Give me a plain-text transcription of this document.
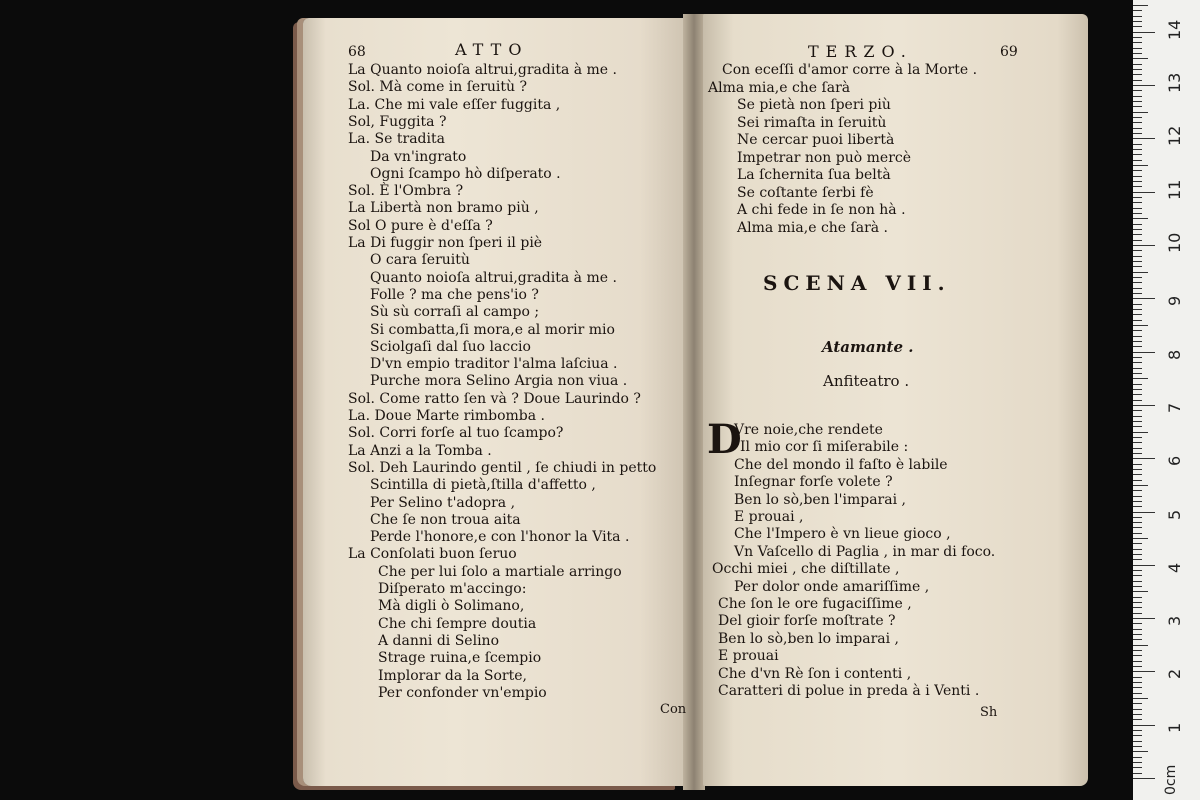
68	ATTO
La Quanto noioſa altrui,gradita à me .
Sol. Mà come in ſeruitù ?
La. Che mi vale eſſer fuggita ,
Sol, Fuggita ?
La. Se tradita
Da vn'ingrato
Ogni ſcampo hò diſperato .
Sol. È l'Ombra ?
La Libertà non bramo più ,
Sol O pure è d'eſſa ?
La Di fuggir non ſperi il piè
O cara ſeruitù
Quanto noioſa altrui,gradita à me .
Folle ? ma che pens'io ?
Sù sù corraſi al campo ;
Si combatta,ſi mora,e al morir mio
Sciolgaſi dal ſuo laccio
D'vn empio traditor l'alma laſciua .
Purche mora Selino Argia non viua .
Sol. Come ratto ſen và ? Doue Laurindo ?
La. Doue Marte rimbomba .
Sol. Corri forſe al tuo ſcampo?
La Anzi a la Tomba .
Sol. Deh Laurindo gentil , ſe chiudi in petto
Scintilla di pietà,ſtilla d'affetto ,
Per Selino t'adopra ,
Che ſe non troua aita
Perde l'honore,e con l'honor la Vita .
La Conſolati buon ſeruo
Che per lui ſolo a martiale arringo
Diſperato m'accingo:
Mà digli ò Solimano,
Che chi ſempre doutia
A danni di Selino
Strage ruina,e ſcempio
Implorar da la Sorte,
Per confonder vn'empio
Con
TERZO.	69
Con eceſſi d'amor corre à la Morte .
Alma mia,e che ſarà
Se pietà non ſperi più
Sei rimaſta in ſeruitù
Ne cercar puoi libertà
Impetrar non può mercè
La ſchernita ſua beltà
Se coſtante ſerbi fè
A chi fede in ſe non hà .
Alma mia,e che ſarà .
SCENA VII.
Atamante .
Anfiteatro .
D
Vre noie,che rendete
Il mio cor ſi miſerabile :
Che del mondo il faſto è labile
Inſegnar forſe volete ?
Ben lo sò,ben l'imparai ,
E prouai ,
Che l'Impero è vn lieue gioco ,
Vn Vaſcello di Paglia , in mar di foco.
Occhi miei , che diſtillate ,
Per dolor onde amariſſime ,
Che ſon le ore fugaciſſime ,
Del gioir forſe moſtrate ?
Ben lo sò,ben lo imparai ,
E prouai
Che d'vn Rè ſon i contenti ,
Caratteri di polue in preda à i Venti .
Sh
1
2
3
4
5
6
7
8
9
10
11
12
13
14
0cm
